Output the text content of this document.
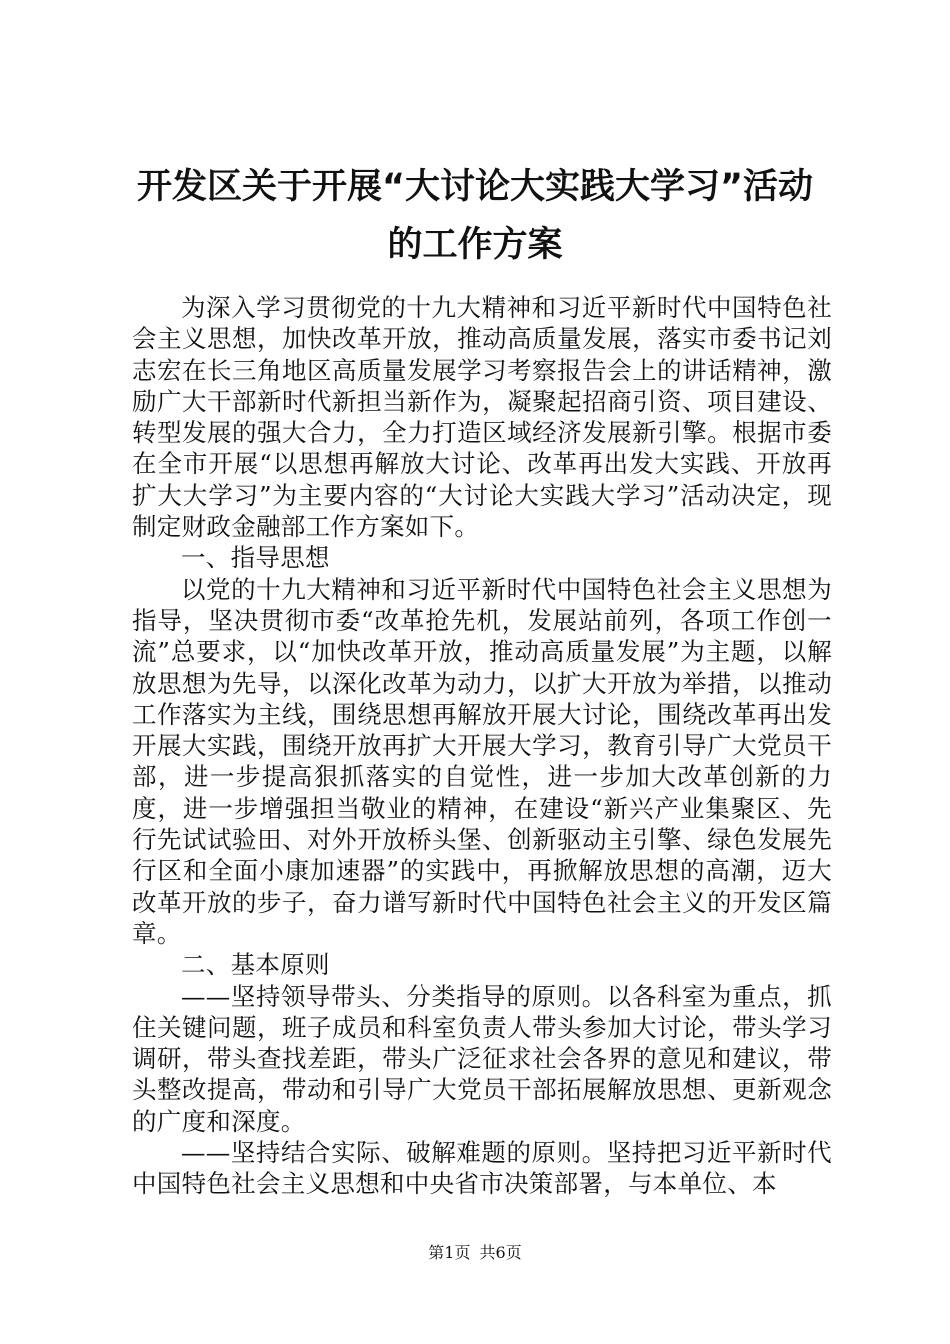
开发区关于开展“大讨论大实践大学习”活动
的工作方案

为深入学习贯彻党的十九大精神和习近平新时代中国特色社会主义思想，加快改革开放，推动高质量发展，落实市委书记刘志宏在长三角地区高质量发展学习考察报告会上的讲话精神，激励广大干部新时代新担当新作为，凝聚起招商引资、项目建设、转型发展的强大合力，全力打造区域经济发展新引擎。根据市委在全市开展“以思想再解放大讨论、改革再出发大实践、开放再扩大大学习”为主要内容的“大讨论大实践大学习”活动决定，现制定财政金融部工作方案如下。

一、指导思想

以党的十九大精神和习近平新时代中国特色社会主义思想为指导，坚决贯彻市委“改革抢先机，发展站前列，各项工作创一流”总要求，以“加快改革开放，推动高质量发展”为主题，以解放思想为先导，以深化改革为动力，以扩大开放为举措，以推动工作落实为主线，围绕思想再解放开展大讨论，围绕改革再出发开展大实践，围绕开放再扩大开展大学习，教育引导广大党员干部，进一步提高狠抓落实的自觉性，进一步加大改革创新的力度，进一步增强担当敬业的精神，在建设“新兴产业集聚区、先行先试试验田、对外开放桥头堡、创新驱动主引擎、绿色发展先行区和全面小康加速器”的实践中，再掀解放思想的高潮，迈大改革开放的步子，奋力谱写新时代中国特色社会主义的开发区篇章。

二、基本原则

——坚持领导带头、分类指导的原则。以各科室为重点，抓住关键问题，班子成员和科室负责人带头参加大讨论，带头学习调研，带头查找差距，带头广泛征求社会各界的意见和建议，带头整改提高，带动和引导广大党员干部拓展解放思想、更新观念的广度和深度。

——坚持结合实际、破解难题的原则。坚持把习近平新时代中国特色社会主义思想和中央省市决策部署，与本单位、本

第1页 共6页
